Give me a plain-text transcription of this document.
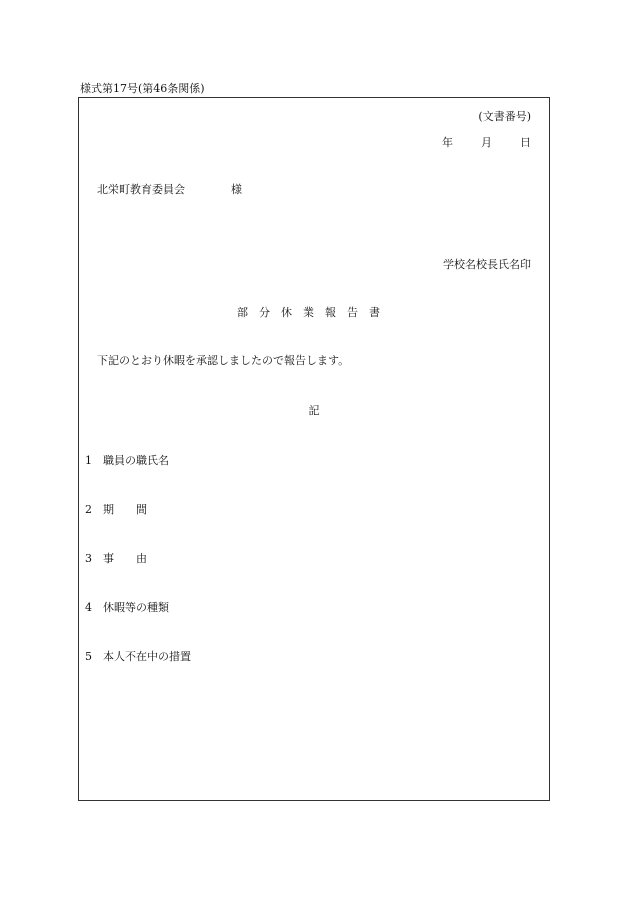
様式第17号(第46条関係)
(文書番号)
年	月	日
北栄町教育委員会	様
学校名校長氏名印
部分休業報告書
下記のとおり休暇を承認しましたので報告します。
記
1 職員の職氏名
2 期　　間
3 事　　由
4 休暇等の種類
5 本人不在中の措置
